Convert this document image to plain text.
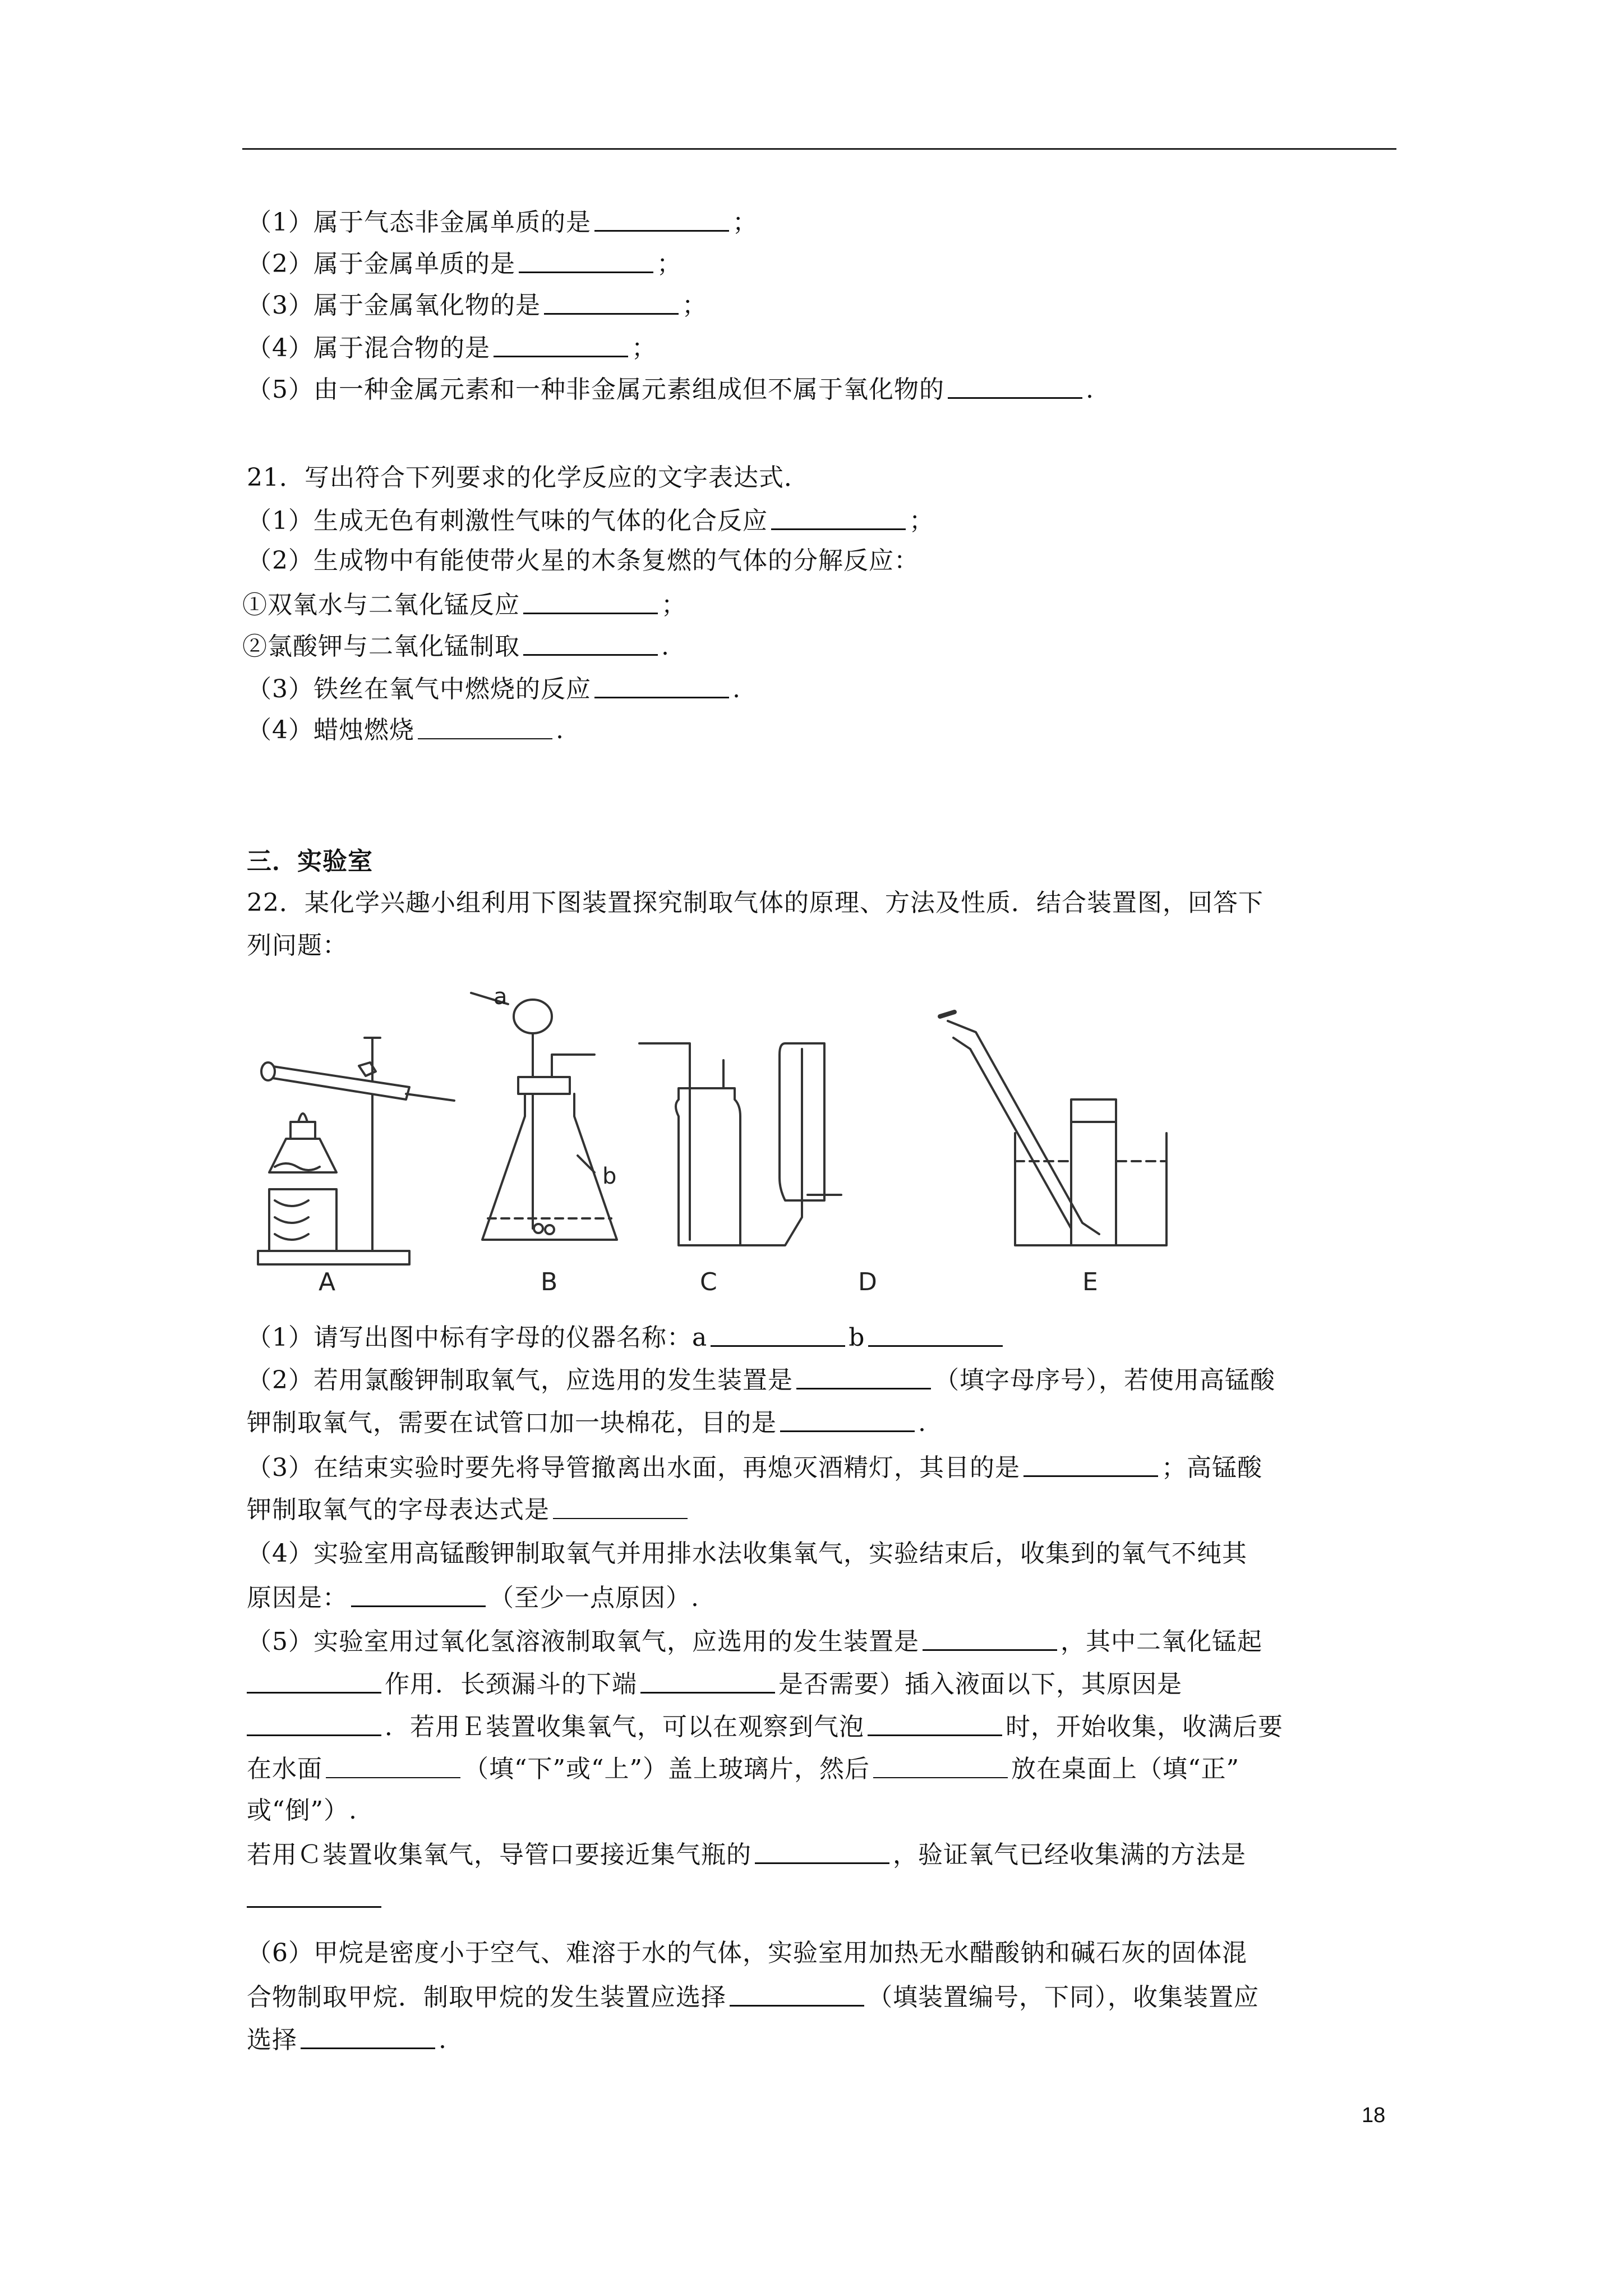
（1）属于气态非金属单质的是	；
（2）属于金属单质的是	；
（3）属于金属氧化物的是	；
（4）属于混合物的是	；
（5）由一种金属元素和一种非金属元素组成但不属于氧化物的	.
21．写出符合下列要求的化学反应的文字表达式．
（1）生成无色有刺激性气味的气体的化合反应	；
（2）生成物中有能使带火星的木条复燃的气体的分解反应：
①双氧水与二氧化锰反应	；
②氯酸钾与二氧化锰制取	.
（3）铁丝在氧气中燃烧的反应	.
（4）蜡烛燃烧	.
三．实验室
22．某化学兴趣小组利用下图装置探究制取气体的原理、方法及性质．结合装置图，回答下
列问题：
a
b
A	B	C	D	E
（1）请写出图中标有字母的仪器名称：a	b
（2）若用氯酸钾制取氧气，应选用的发生装置是	（填字母序号），若使用高锰酸
钾制取氧气，需要在试管口加一块棉花，目的是	.
（3）在结束实验时要先将导管撤离出水面，再熄灭酒精灯，其目的是	；高锰酸
钾制取氧气的字母表达式是
（4）实验室用高锰酸钾制取氧气并用排水法收集氧气，实验结束后，收集到的氧气不纯其
原因是：	（至少一点原因）.
（5）实验室用过氧化氢溶液制取氧气，应选用的发生装置是	，其中二氧化锰起
作用．长颈漏斗的下端	是否需要）插入液面以下，其原因是
．若用Ｅ装置收集氧气，可以在观察到气泡	时，开始收集，收满后要
在水面	（填“下”或“上”）盖上玻璃片，然后	放在桌面上（填“正”
或“倒”）.
若用Ｃ装置收集氧气，导管口要接近集气瓶的	，验证氧气已经收集满的方法是
（6）甲烷是密度小于空气、难溶于水的气体，实验室用加热无水醋酸钠和碱石灰的固体混
合物制取甲烷．制取甲烷的发生装置应选择	（填装置编号，下同），收集装置应
选择	.
18
